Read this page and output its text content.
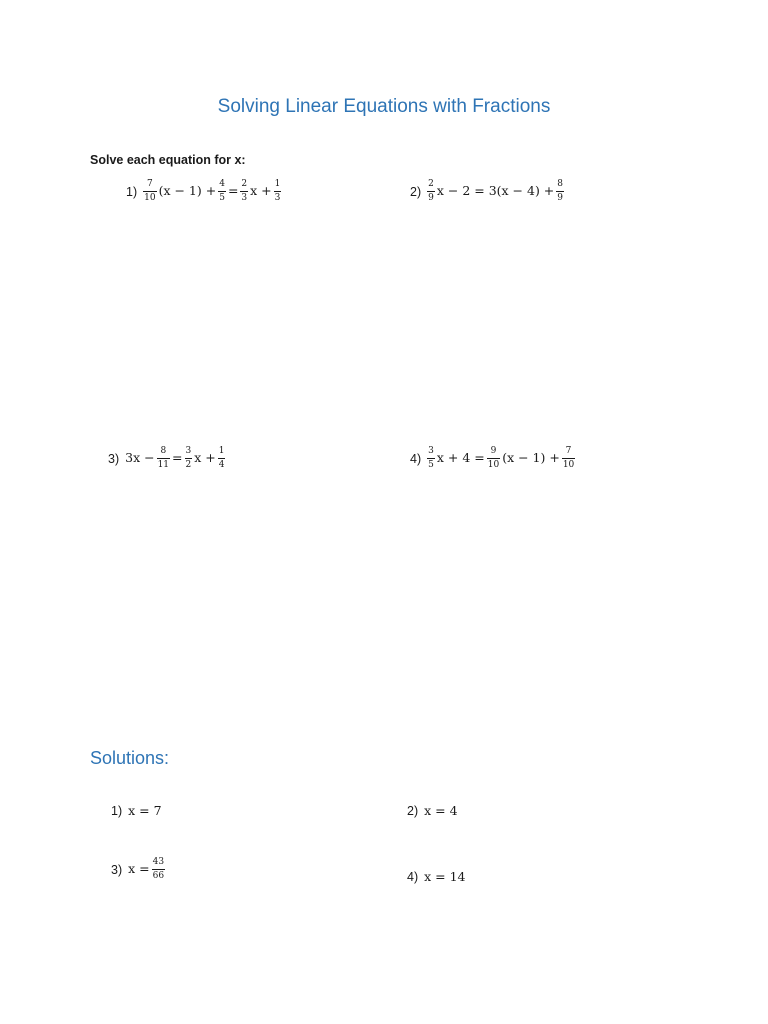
Solving Linear Equations with Fractions
Solve each equation for x:
$1) \frac{7}{10} (x - 1) + \frac{4}{5} = \frac{2}{3}$ $x + \frac{1}{3}$	$2) \frac{2}{9}$ $x - 2 = 3(x - 4) + \frac{8}{9}$
3) $3x - \frac{8}{11} = \frac{3}{2}$ $x + \frac{1}{4}$	$4) \frac{3}{5}$ $x + 4 = \frac{9}{10} (x - 1) + \frac{7}{10}$
Solutions:
1) x = 7	2) x = 4
3) $x = \frac{43}{66}$	4) x = 14
